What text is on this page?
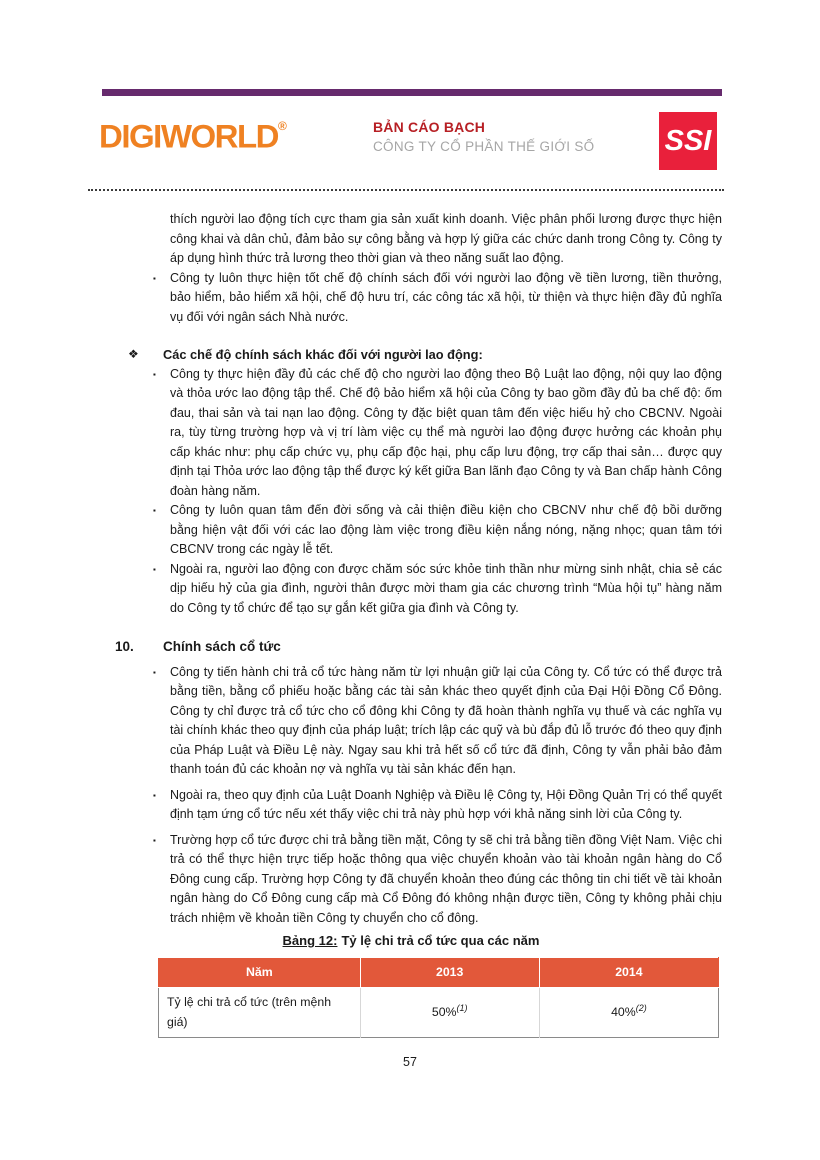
DIGIWORLD®	BẢN CÁO BẠCH
CÔNG TY CỔ PHẦN THẾ GIỚI SỐ SSI

thích người lao động tích cực tham gia sản xuất kinh doanh. Việc phân phối lương được thực hiện công khai và dân chủ, đảm bảo sự công bằng và hợp lý giữa các chức danh trong Công ty. Công ty áp dụng hình thức trả lương theo thời gian và theo năng suất lao động.

▪	Công ty luôn thực hiện tốt chế độ chính sách đối với người lao động về tiền lương, tiền thưởng, bảo hiểm, bảo hiểm xã hội, chế độ hưu trí, các công tác xã hội, từ thiện và thực hiện đầy đủ nghĩa vụ đối với ngân sách Nhà nước.
❖	Các chế độ chính sách khác đối với người lao động:
▪	Công ty thực hiện đầy đủ các chế độ cho người lao động theo Bộ Luật lao động, nội quy lao động và thỏa ước lao động tập thể. Chế độ bảo hiểm xã hội của Công ty bao gồm đầy đủ ba chế độ: ốm đau, thai sản và tai nạn lao động. Công ty đặc biệt quan tâm đến việc hiếu hỷ cho CBCNV. Ngoài ra, tùy từng trường hợp và vị trí làm việc cụ thể mà người lao động được hưởng các khoản phụ cấp khác như: phụ cấp chức vụ, phụ cấp độc hại, phụ cấp lưu động, trợ cấp thai sản… được quy định tại Thỏa ước lao động tập thể được ký kết giữa Ban lãnh đạo Công ty và Ban chấp hành Công đoàn hàng năm.
▪	Công ty luôn quan tâm đến đời sống và cải thiện điều kiện cho CBCNV như chế độ bồi dưỡng bằng hiện vật đối với các lao động làm việc trong điều kiện nắng nóng, nặng nhọc; quan tâm tới CBCNV trong các ngày lễ tết.
▪	Ngoài ra, người lao động con được chăm sóc sức khỏe tinh thần như mừng sinh nhật, chia sẻ các dịp hiếu hỷ của gia đình, người thân được mời tham gia các chương trình “Mùa hội tụ” hàng năm do Công ty tổ chức để tạo sự gắn kết giữa gia đình và Công ty.
10.	Chính sách cổ tức
▪	Công ty tiến hành chi trả cổ tức hàng năm từ lợi nhuận giữ lại của Công ty. Cổ tức có thể được trả bằng tiền, bằng cổ phiếu hoặc bằng các tài sản khác theo quyết định của Đại Hội Đồng Cổ Đông. Công ty chỉ được trả cổ tức cho cổ đông khi Công ty đã hoàn thành nghĩa vụ thuế và các nghĩa vụ tài chính khác theo quy định của pháp luật; trích lập các quỹ và bù đắp đủ lỗ trước đó theo quy định của Pháp Luật và Điều Lệ này. Ngay sau khi trả hết số cổ tức đã định, Công ty vẫn phải bảo đảm thanh toán đủ các khoản nợ và nghĩa vụ tài sản khác đến hạn.
▪	Ngoài ra, theo quy định của Luật Doanh Nghiệp và Điều lệ Công ty, Hội Đồng Quản Trị có thể quyết định tạm ứng cổ tức nếu xét thấy việc chi trả này phù hợp với khả năng sinh lời của Công ty.
▪	Trường hợp cổ tức được chi trả bằng tiền mặt, Công ty sẽ chi trả bằng tiền đồng Việt Nam. Việc chi trả có thể thực hiện trực tiếp hoặc thông qua việc chuyển khoản vào tài khoản ngân hàng do Cổ Đông cung cấp. Trường hợp Công ty đã chuyển khoản theo đúng các thông tin chi tiết về tài khoản ngân hàng do Cổ Đông cung cấp mà Cổ Đông đó không nhận được tiền, Công ty không phải chịu trách nhiệm về khoản tiền Công ty chuyển cho cổ đông.
Bảng 12: Tỷ lệ chi trả cổ tức qua các năm
Năm	2013	2014
Tỷ lệ chi trả cổ tức (trên mệnh giá)	50%$^{(1)}$	40%$^{(2)}$
57
